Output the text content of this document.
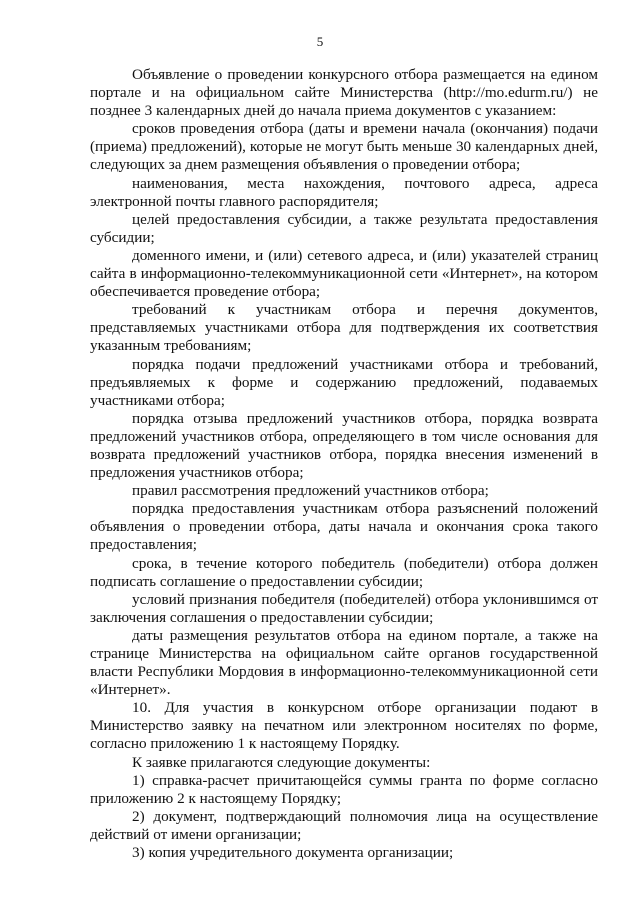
5

Объявление о проведении конкурсного отбора размещается на едином портале и на официальном сайте Министерства (http://mo.edurm.ru/) не позднее 3 календарных дней до начала приема документов с указанием:

сроков проведения отбора (даты и времени начала (окончания) подачи (приема) предложений), которые не могут быть меньше 30 календарных дней, следующих за днем размещения объявления о проведении отбора;

наименования, места нахождения, почтового адреса, адреса электронной почты главного распорядителя;

целей предоставления субсидии, а также результата предоставления субсидии;

доменного имени, и (или) сетевого адреса, и (или) указателей страниц сайта в информационно-телекоммуникационной сети «Интернет», на котором обеспечивается проведение отбора;

требований к участникам отбора и перечня документов, представляемых участниками отбора для подтверждения их соответствия указанным требованиям;

порядка подачи предложений участниками отбора и требований, предъявляемых к форме и содержанию предложений, подаваемых участниками отбора;

порядка отзыва предложений участников отбора, порядка возврата предложений участников отбора, определяющего в том числе основания для возврата предложений участников отбора, порядка внесения изменений в предложения участников отбора;

правил рассмотрения предложений участников отбора;

порядка предоставления участникам отбора разъяснений положений объявления о проведении отбора, даты начала и окончания срока такого предоставления;

срока, в течение которого победитель (победители) отбора должен подписать соглашение о предоставлении субсидии;

условий признания победителя (победителей) отбора уклонившимся от заключения соглашения о предоставлении субсидии;

даты размещения результатов отбора на едином портале, а также на странице Министерства на официальном сайте органов государственной власти Республики Мордовия в информационно-телекоммуникационной сети «Интернет».

10. Для участия в конкурсном отборе организации подают в Министерство заявку на печатном или электронном носителях по форме, согласно приложению 1 к настоящему Порядку.

К заявке прилагаются следующие документы:

1) справка-расчет причитающейся суммы гранта по форме согласно приложению 2 к настоящему Порядку;

2) документ, подтверждающий полномочия лица на осуществление действий от имени организации;

3) копия учредительного документа организации;
